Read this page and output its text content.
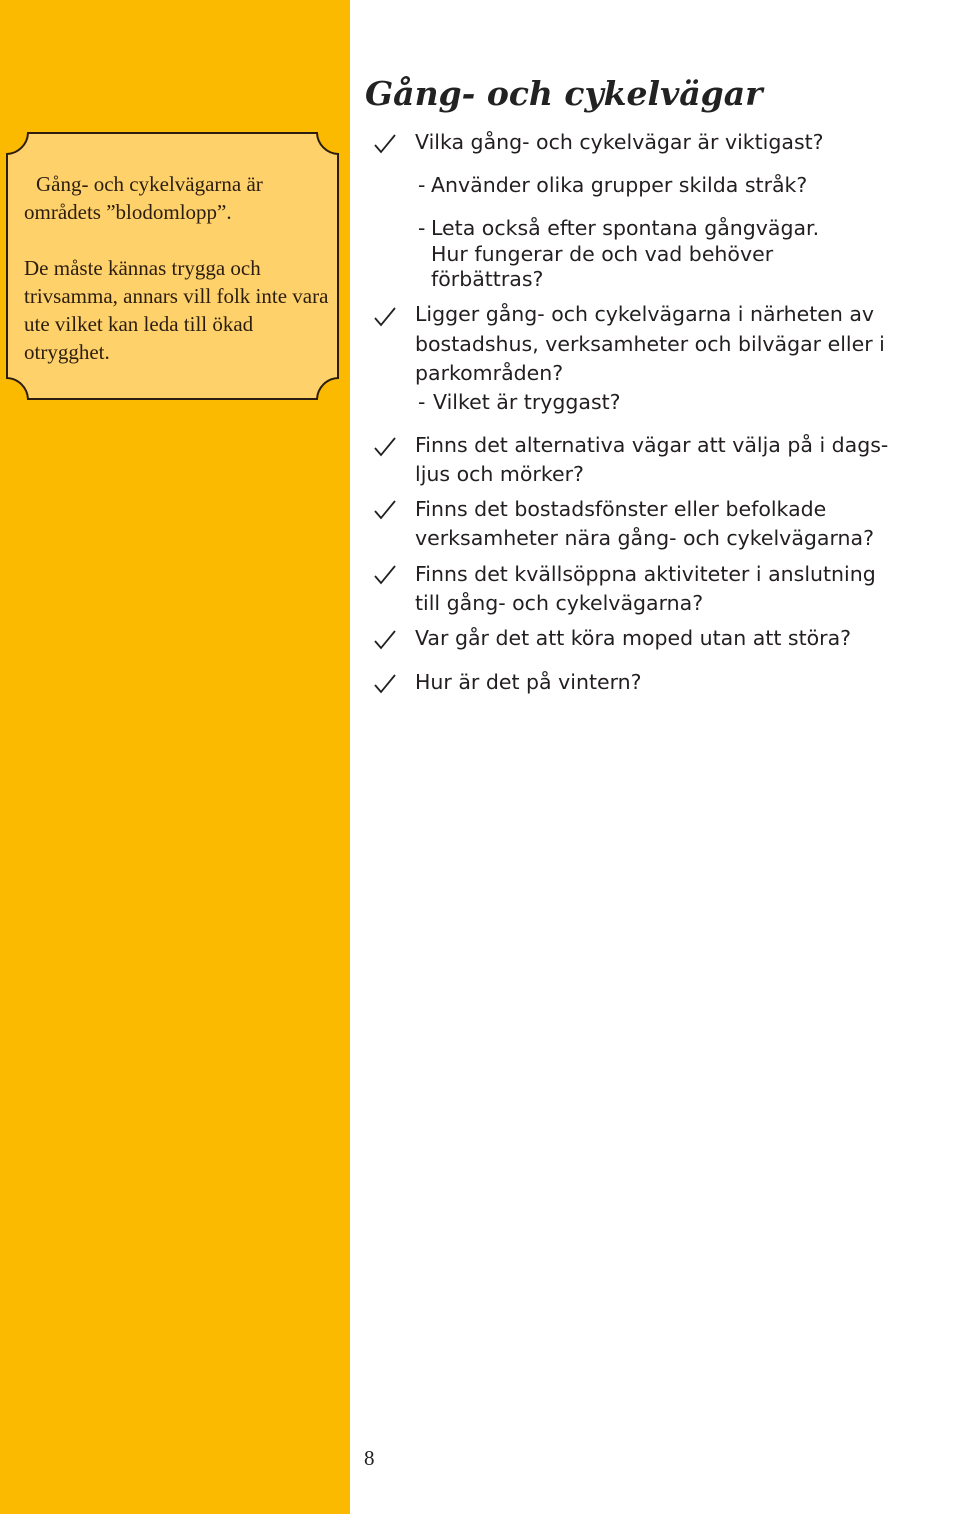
Gång- och cykelvägarna är områdets ”blodomlopp”.

De måste kännas trygga och trivsamma, annars vill folk inte vara ute vilket kan leda till ökad otrygghet.

Gång- och cykelvägar
Vilka gång- och cykelvägar är viktigast?
- Använder olika grupper skilda stråk?
- Leta också efter spontana gångvägar.
Hur fungerar de och vad behöver
förbättras?
Ligger gång- och cykelvägarna i närheten av
bostadshus, verksamheter och bilvägar eller i
parkområden?
- Vilket är tryggast?
Finns det alternativa vägar att välja på i dags-
ljus och mörker?
Finns det bostadsfönster eller befolkade
verksamheter nära gång- och cykelvägarna?
Finns det kvällsöppna aktiviteter i anslutning
till gång- och cykelvägarna?
Var går det att köra moped utan att störa?
Hur är det på vintern?
8
